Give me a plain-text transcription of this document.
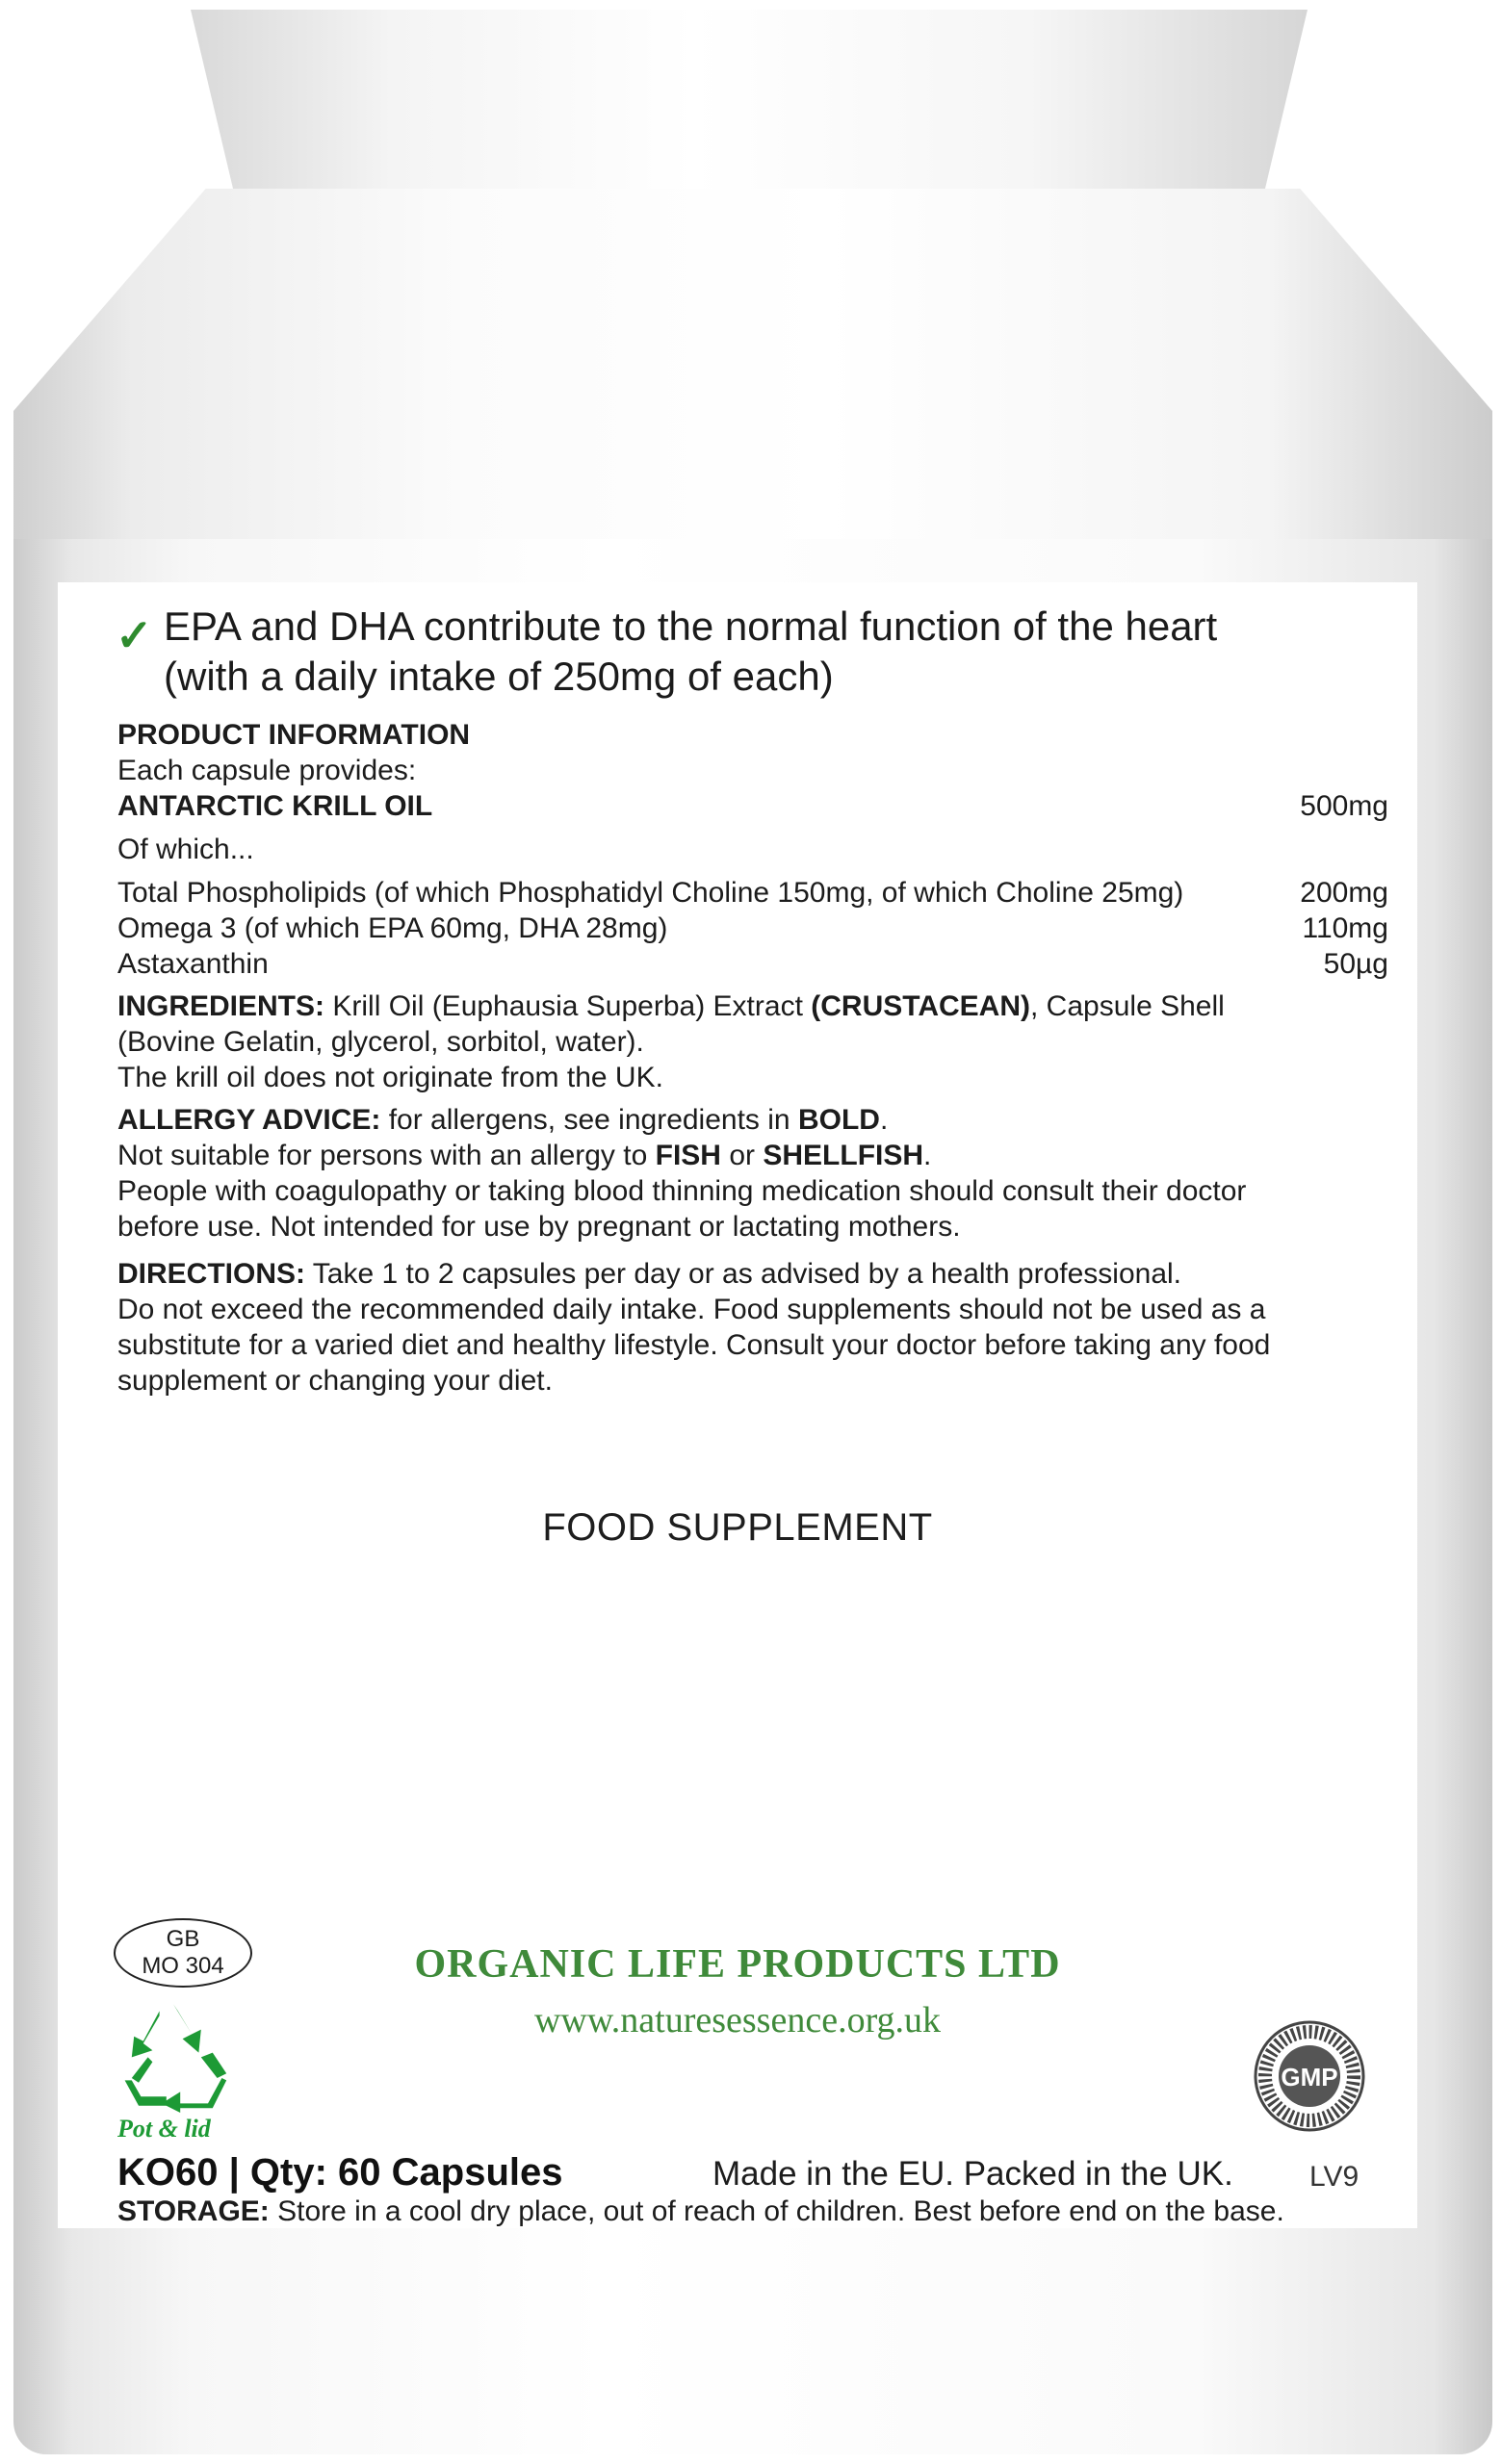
✓ EPA and DHA contribute to the normal function of the heart
(with a daily intake of 250mg of each)
PRODUCT INFORMATION
Each capsule provides:
ANTARCTIC KRILL OIL	500mg
Of which...
Total Phospholipids (of which Phosphatidyl Choline 150mg, of which Choline 25mg)	200mg
Omega 3 (of which EPA 60mg, DHA 28mg)	110mg
Astaxanthin	50µg
INGREDIENTS: Krill Oil (Euphausia Superba) Extract (CRUSTACEAN), Capsule Shell
(Bovine Gelatin, glycerol, sorbitol, water).
The krill oil does not originate from the UK.
ALLERGY ADVICE: for allergens, see ingredients in BOLD.
Not suitable for persons with an allergy to FISH or SHELLFISH.
People with coagulopathy or taking blood thinning medication should consult their doctor
before use. Not intended for use by pregnant or lactating mothers.
DIRECTIONS: Take 1 to 2 capsules per day or as advised by a health professional.
Do not exceed the recommended daily intake. Food supplements should not be used as a
substitute for a varied diet and healthy lifestyle. Consult your doctor before taking any food
supplement or changing your diet.
FOOD SUPPLEMENT
GB
MO 304
Pot & lid
ORGANIC LIFE PRODUCTS LTD
www.naturesessence.org.uk
GMP
KO60 | Qty: 60 Capsules	Made in the EU. Packed in the UK.	LV9
STORAGE: Store in a cool dry place, out of reach of children. Best before end on the base.
